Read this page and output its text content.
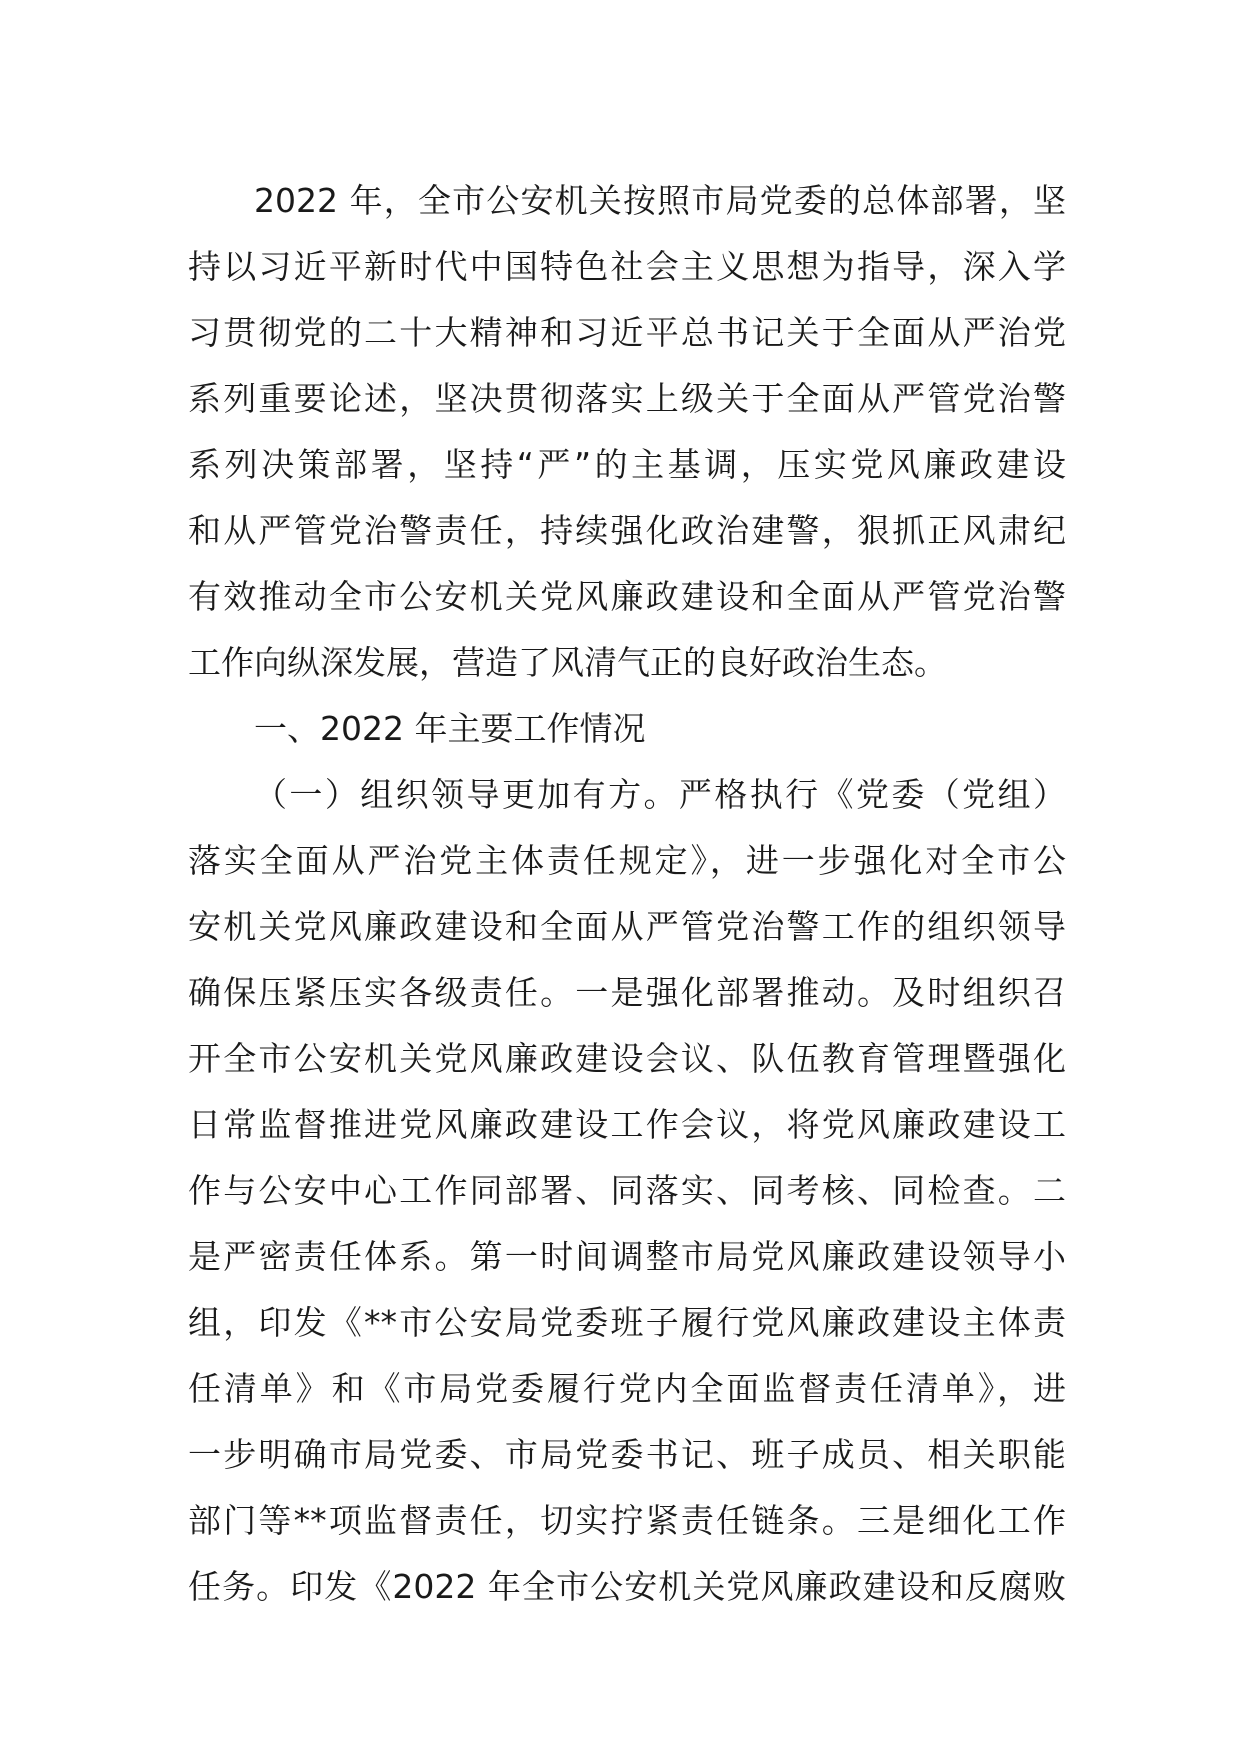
2022 年，全市公安机关按照市局党委的总体部署，坚
持以习近平新时代中国特色社会主义思想为指导，深入学
习贯彻党的二十大精神和习近平总书记关于全面从严治党
系列重要论述，坚决贯彻落实上级关于全面从严管党治警
系列决策部署，坚持“严”的主基调，压实党风廉政建设
和从严管党治警责任，持续强化政治建警，狠抓正风肃纪
有效推动全市公安机关党风廉政建设和全面从严管党治警
工作向纵深发展，营造了风清气正的良好政治生态。
一、2022 年主要工作情况
（一）组织领导更加有方。严格执行《党委（党组）
落实全面从严治党主体责任规定》，进一步强化对全市公
安机关党风廉政建设和全面从严管党治警工作的组织领导
确保压紧压实各级责任。一是强化部署推动。及时组织召
开全市公安机关党风廉政建设会议、队伍教育管理暨强化
日常监督推进党风廉政建设工作会议，将党风廉政建设工
作与公安中心工作同部署、同落实、同考核、同检查。二
是严密责任体系。第一时间调整市局党风廉政建设领导小
组，印发《**市公安局党委班子履行党风廉政建设主体责
任清单》和《市局党委履行党内全面监督责任清单》，进
一步明确市局党委、市局党委书记、班子成员、相关职能
部门等**项监督责任，切实拧紧责任链条。三是细化工作
任务。印发《2022 年全市公安机关党风廉政建设和反腐败
